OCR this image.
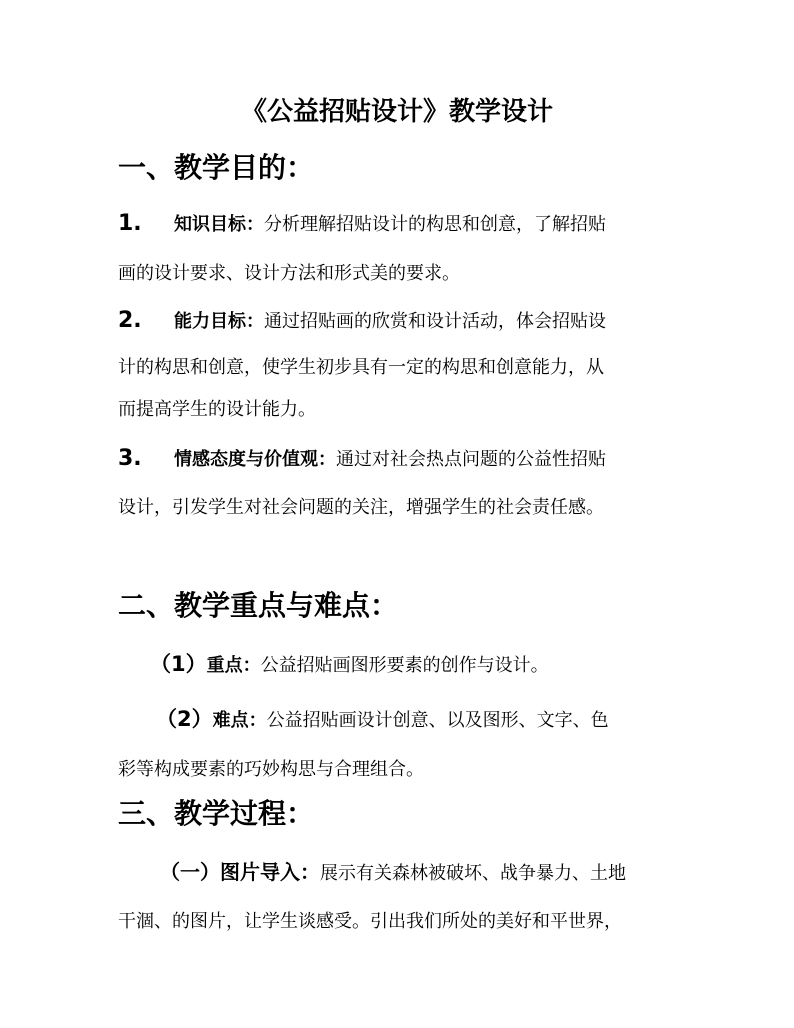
《公益招贴设计》教学设计
一、教学目的：
1. 知识目标：分析理解招贴设计的构思和创意，了解招贴
画的设计要求、设计方法和形式美的要求。
2. 能力目标：通过招贴画的欣赏和设计活动，体会招贴设
计的构思和创意，使学生初步具有一定的构思和创意能力，从
而提高学生的设计能力。
3. 情感态度与价值观：通过对社会热点问题的公益性招贴
设计，引发学生对社会问题的关注，增强学生的社会责任感。
二、教学重点与难点：
（1）重点：公益招贴画图形要素的创作与设计。
（2）难点：公益招贴画设计创意、以及图形、文字、色
彩等构成要素的巧妙构思与合理组合。
三、教学过程：
（一）图片导入：展示有关森林被破坏、战争暴力、土地
干涸、的图片，让学生谈感受。引出我们所处的美好和平世界，
